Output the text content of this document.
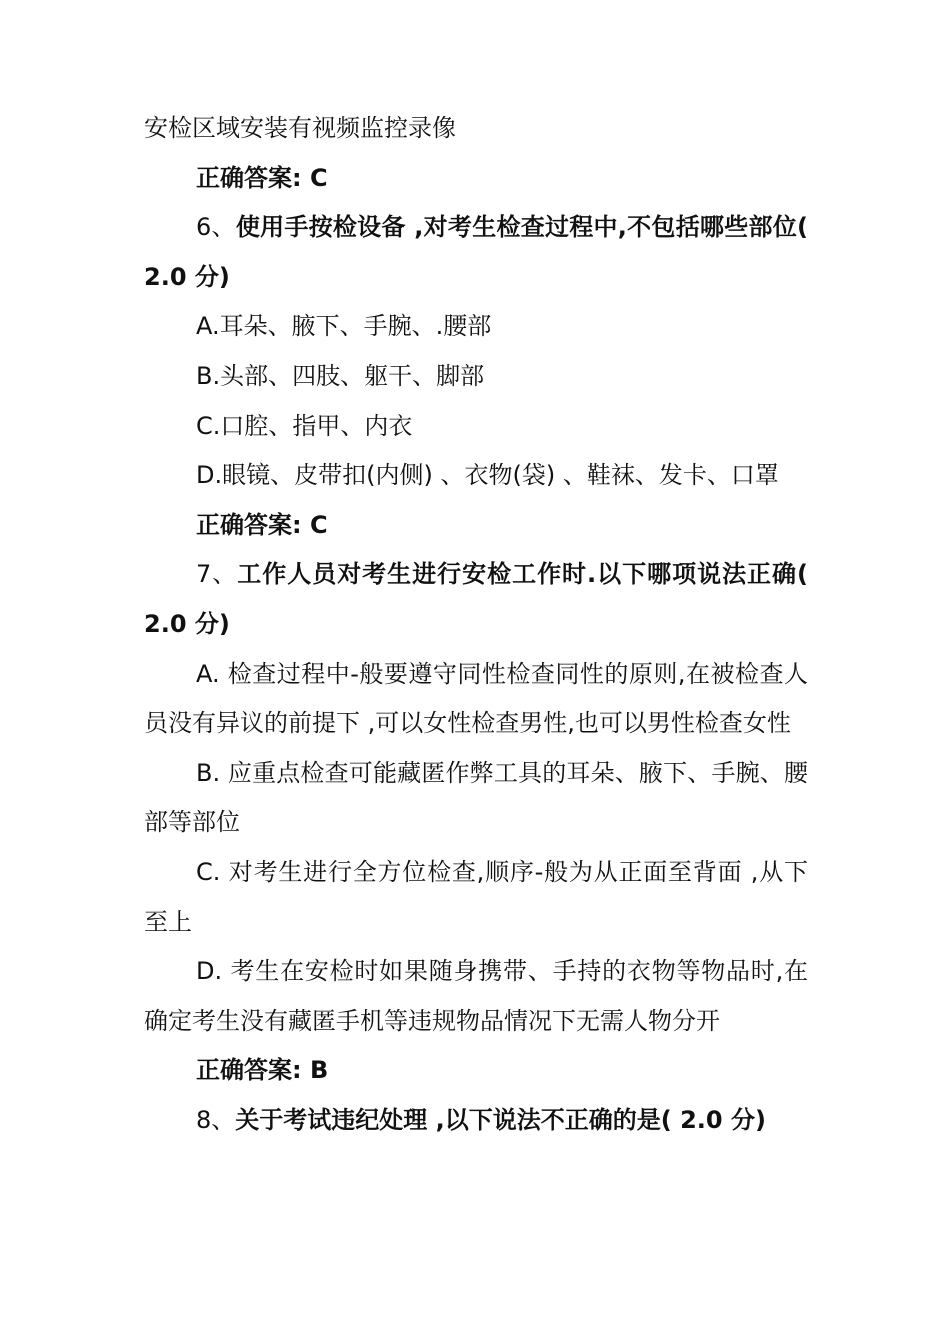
安检区域安装有视频监控录像

正确答案: C

6、使用手按检设备 ,对考生检查过程中,不包括哪些部位( 2.0 分)

A.耳朵、腋下、手腕、.腰部

B.头部、四肢、躯干、脚部

C.口腔、指甲、内衣

D.眼镜、皮带扣(内侧) 、衣物(袋) 、鞋袜、发卡、口罩

正确答案: C

7、工作人员对考生进行安检工作时.以下哪项说法正确( 2.0 分)

A. 检查过程中-般要遵守同性检查同性的原则,在被检查人员没有异议的前提下 ,可以女性检查男性,也可以男性检查女性

B. 应重点检查可能藏匿作弊工具的耳朵、腋下、手腕、腰部等部位

C. 对考生进行全方位检查,顺序-般为从正面至背面 ,从下至上

D. 考生在安检时如果随身携带、手持的衣物等物品时,在确定考生没有藏匿手机等违规物品情况下无需人物分开

正确答案: B

8、关于考试违纪处理 ,以下说法不正确的是( 2.0 分)
